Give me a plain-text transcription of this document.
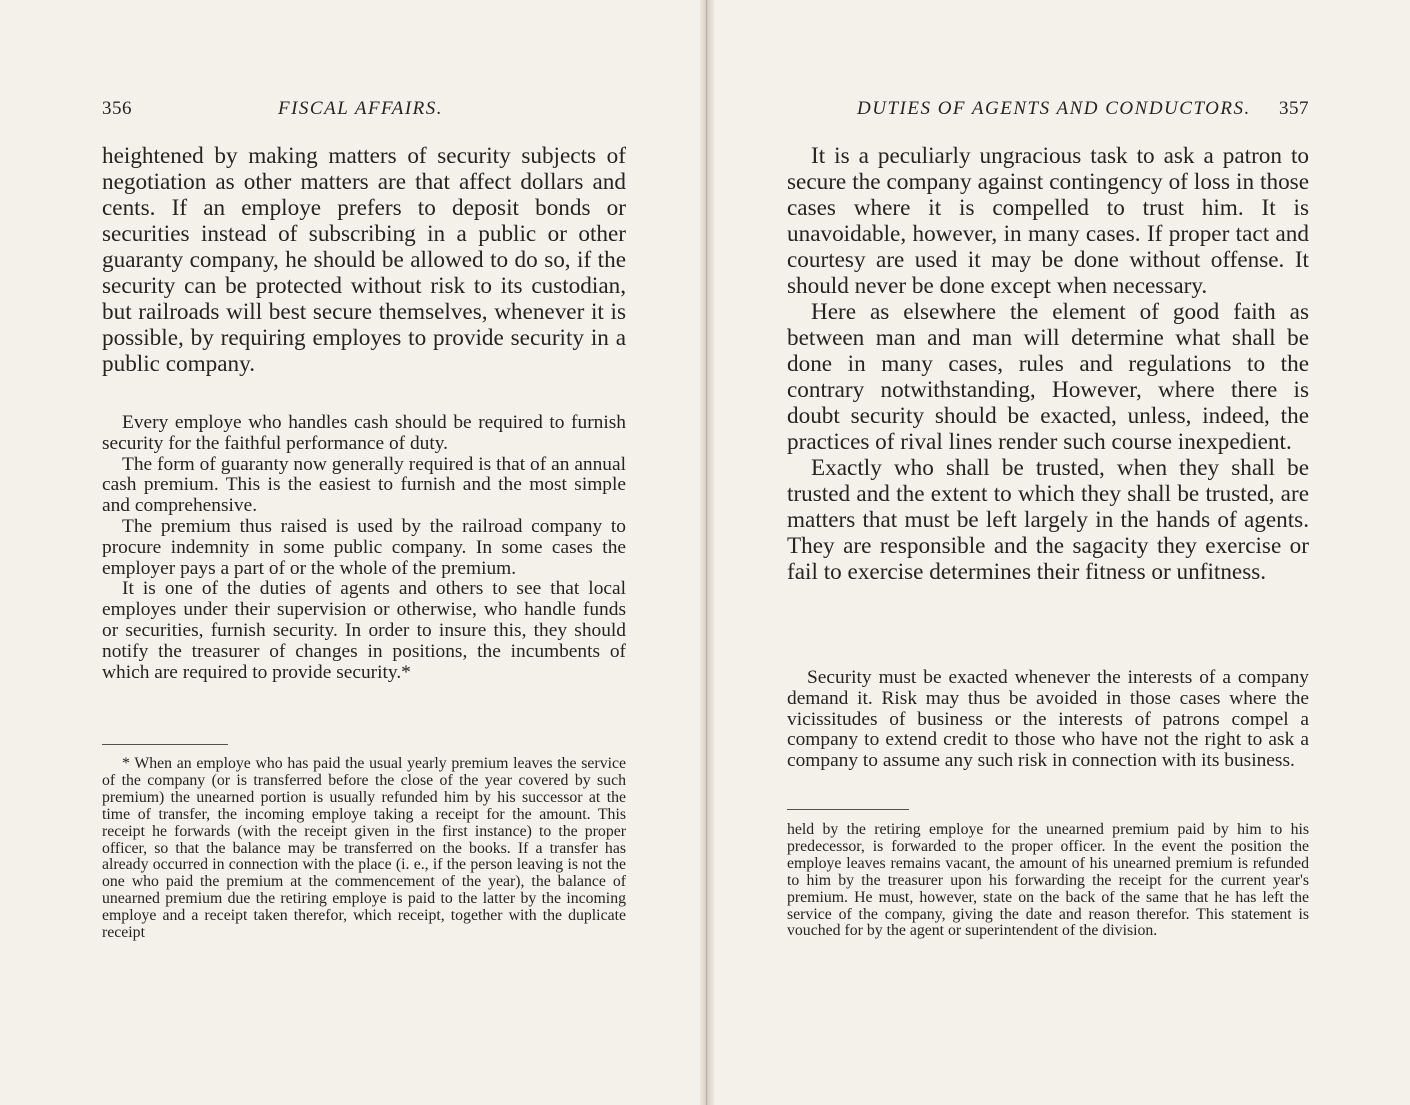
356	FISCAL AFFAIRS.

heightened by making matters of security subjects of negotiation as other matters are that affect dollars and cents. If an employe prefers to deposit bonds or securities instead of subscribing in a public or other guaranty company, he should be allowed to do so, if the security can be protected without risk to its custodian, but railroads will best secure themselves, whenever it is possible, by requiring employes to provide security in a public company.

Every employe who handles cash should be required to furnish security for the faithful performance of duty.

The form of guaranty now generally required is that of an annual cash premium. This is the easiest to furnish and the most simple and comprehensive.

The premium thus raised is used by the railroad company to procure indemnity in some public company. In some cases the employer pays a part of or the whole of the premium.

It is one of the duties of agents and others to see that local employes under their supervision or otherwise, who handle funds or securities, furnish security. In order to insure this, they should notify the treasurer of changes in positions, the incumbents of which are required to provide security.*

* When an employe who has paid the usual yearly premium leaves the service of the company (or is transferred before the close of the year covered by such premium) the unearned portion is usually refunded him by his successor at the time of transfer, the incoming employe taking a receipt for the amount. This receipt he forwards (with the receipt given in the first instance) to the proper officer, so that the balance may be transferred on the books. If a transfer has already occurred in connection with the place (i. e., if the person leaving is not the one who paid the premium at the commencement of the year), the balance of unearned premium due the retiring employe is paid to the latter by the incoming employe and a receipt taken therefor, which receipt, together with the duplicate receipt

DUTIES OF AGENTS AND CONDUCTORS. 357

It is a peculiarly ungracious task to ask a patron to secure the company against contingency of loss in those cases where it is compelled to trust him. It is unavoidable, however, in many cases. If proper tact and courtesy are used it may be done without offense. It should never be done except when necessary.

Here as elsewhere the element of good faith as between man and man will determine what shall be done in many cases, rules and regulations to the contrary notwithstanding, However, where there is doubt security should be exacted, unless, indeed, the practices of rival lines render such course inexpedient.

Exactly who shall be trusted, when they shall be trusted and the extent to which they shall be trusted, are matters that must be left largely in the hands of agents. They are responsible and the sagacity they exercise or fail to exercise determines their fitness or unfitness.

Security must be exacted whenever the interests of a company demand it. Risk may thus be avoided in those cases where the vicissitudes of business or the interests of patrons compel a company to extend credit to those who have not the right to ask a company to assume any such risk in connection with its business.

held by the retiring employe for the unearned premium paid by him to his predecessor, is forwarded to the proper officer. In the event the position the employe leaves remains vacant, the amount of his unearned premium is refunded to him by the treasurer upon his forwarding the receipt for the current year's premium. He must, however, state on the back of the same that he has left the service of the company, giving the date and reason therefor. This statement is vouched for by the agent or superintendent of the division.
